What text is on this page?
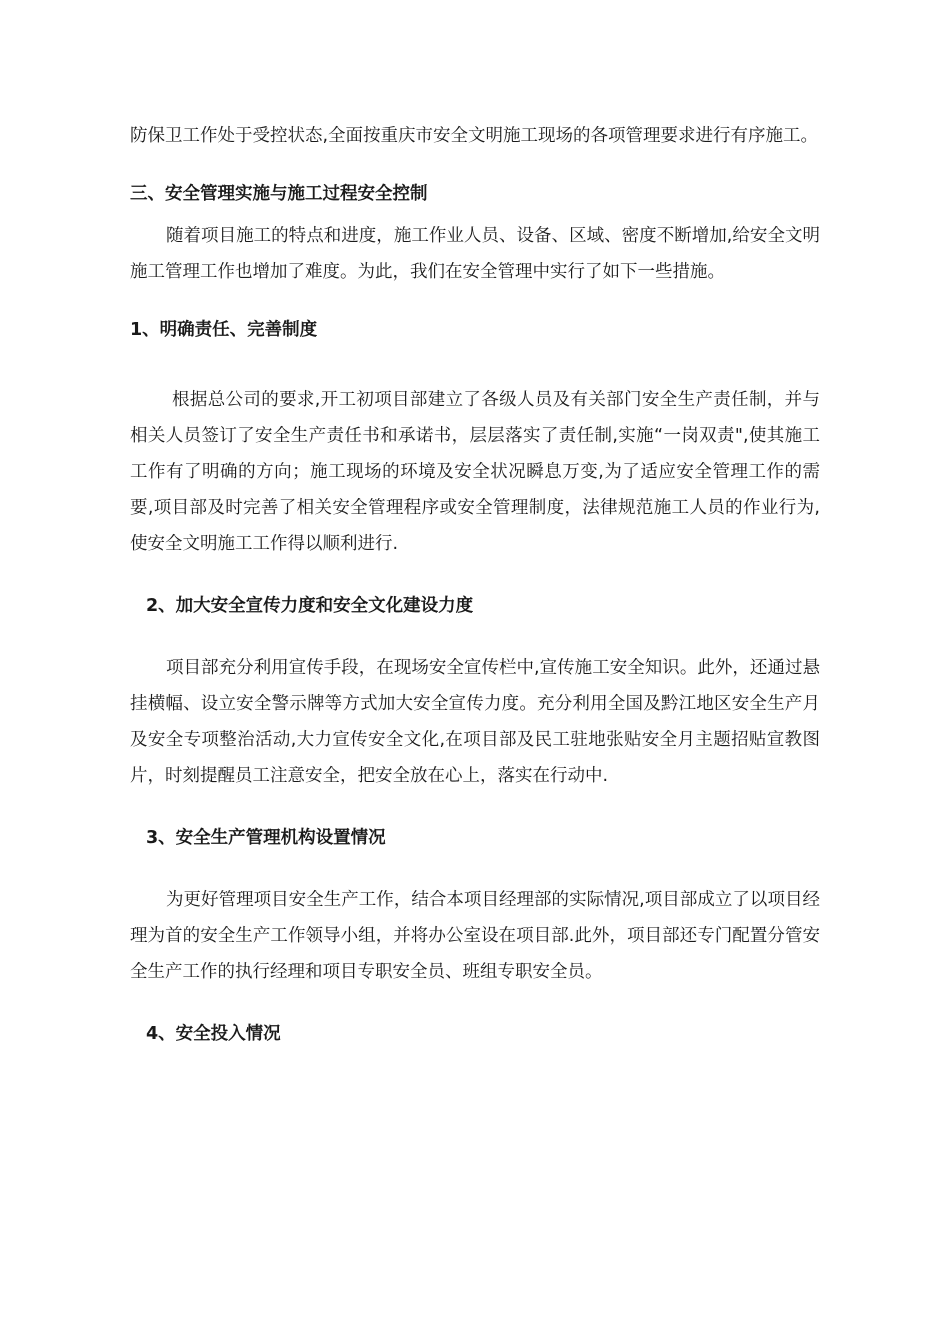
防保卫工作处于受控状态,全面按重庆市安全文明施工现场的各项管理要求进行有序施工。

三、安全管理实施与施工过程安全控制

随着项目施工的特点和进度，施工作业人员、设备、区域、密度不断增加,给安全文明施工管理工作也增加了难度。为此，我们在安全管理中实行了如下一些措施。

1、明确责任、完善制度

根据总公司的要求,开工初项目部建立了各级人员及有关部门安全生产责任制，并与相关人员签订了安全生产责任书和承诺书，层层落实了责任制,实施“一岗双责",使其施工工作有了明确的方向；施工现场的环境及安全状况瞬息万变,为了适应安全管理工作的需要,项目部及时完善了相关安全管理程序或安全管理制度，法律规范施工人员的作业行为,使安全文明施工工作得以顺利进行.

2、加大安全宣传力度和安全文化建设力度

项目部充分利用宣传手段，在现场安全宣传栏中,宣传施工安全知识。此外，还通过悬挂横幅、设立安全警示牌等方式加大安全宣传力度。充分利用全国及黔江地区安全生产月及安全专项整治活动,大力宣传安全文化,在项目部及民工驻地张贴安全月主题招贴宣教图片，时刻提醒员工注意安全，把安全放在心上，落实在行动中.

3、安全生产管理机构设置情况

为更好管理项目安全生产工作，结合本项目经理部的实际情况,项目部成立了以项目经理为首的安全生产工作领导小组，并将办公室设在项目部.此外，项目部还专门配置分管安全生产工作的执行经理和项目专职安全员、班组专职安全员。

4、安全投入情况
